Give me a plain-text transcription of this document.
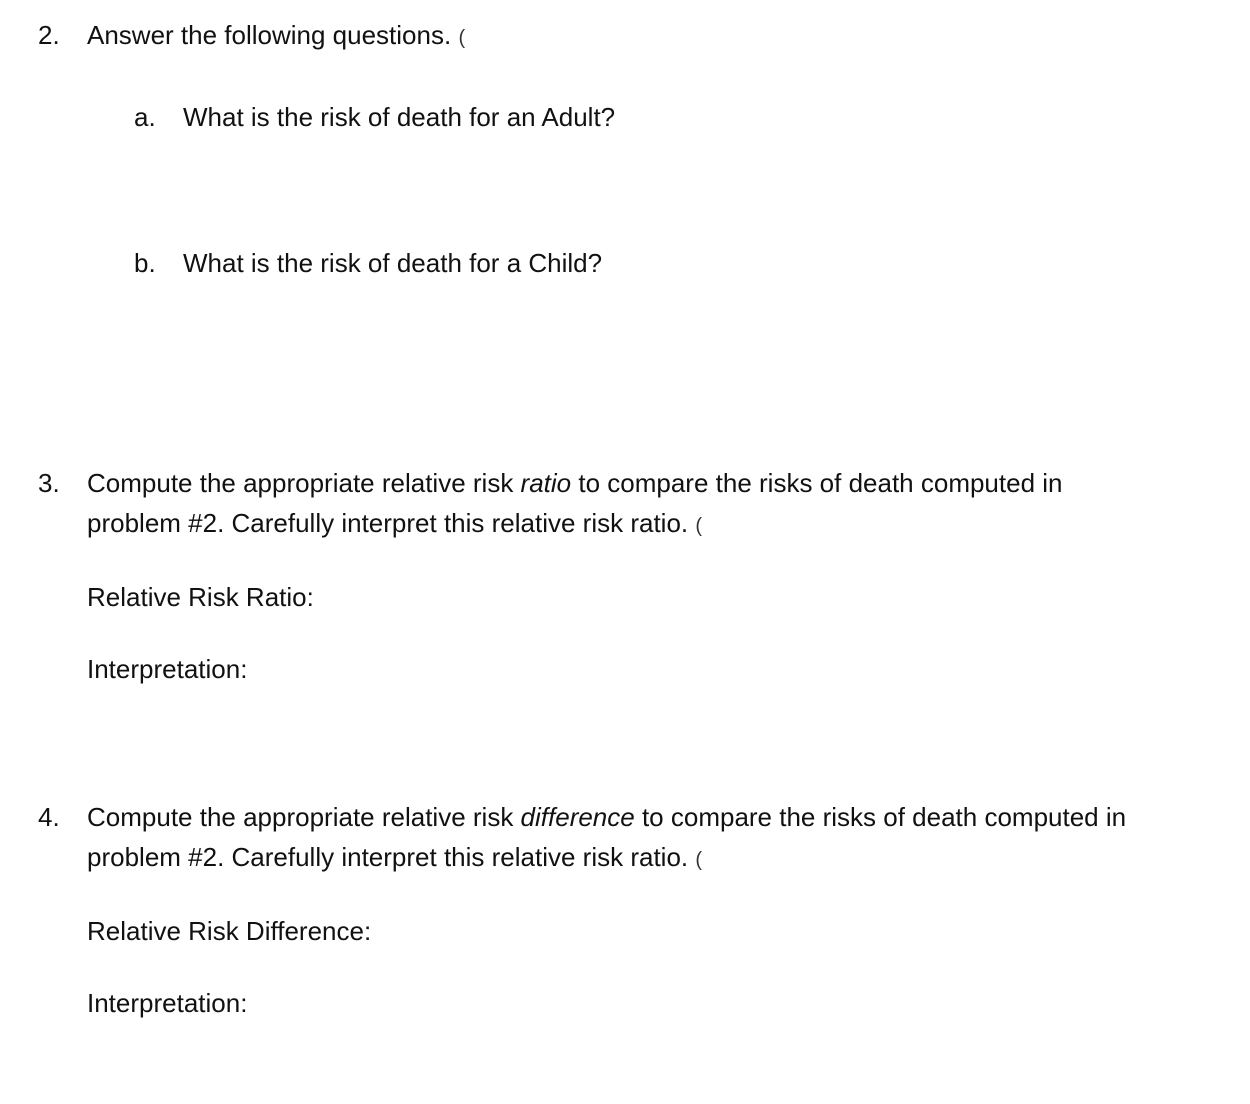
2. Answer the following questions. (
a. What is the risk of death for an Adult?
b. What is the risk of death for a Child?
3. Compute the appropriate relative risk ratio to compare the risks of death computed in
problem #2. Carefully interpret this relative risk ratio. (
Relative Risk Ratio:
Interpretation:
4. Compute the appropriate relative risk difference to compare the risks of death computed in
problem #2. Carefully interpret this relative risk ratio. (
Relative Risk Difference:
Interpretation:
